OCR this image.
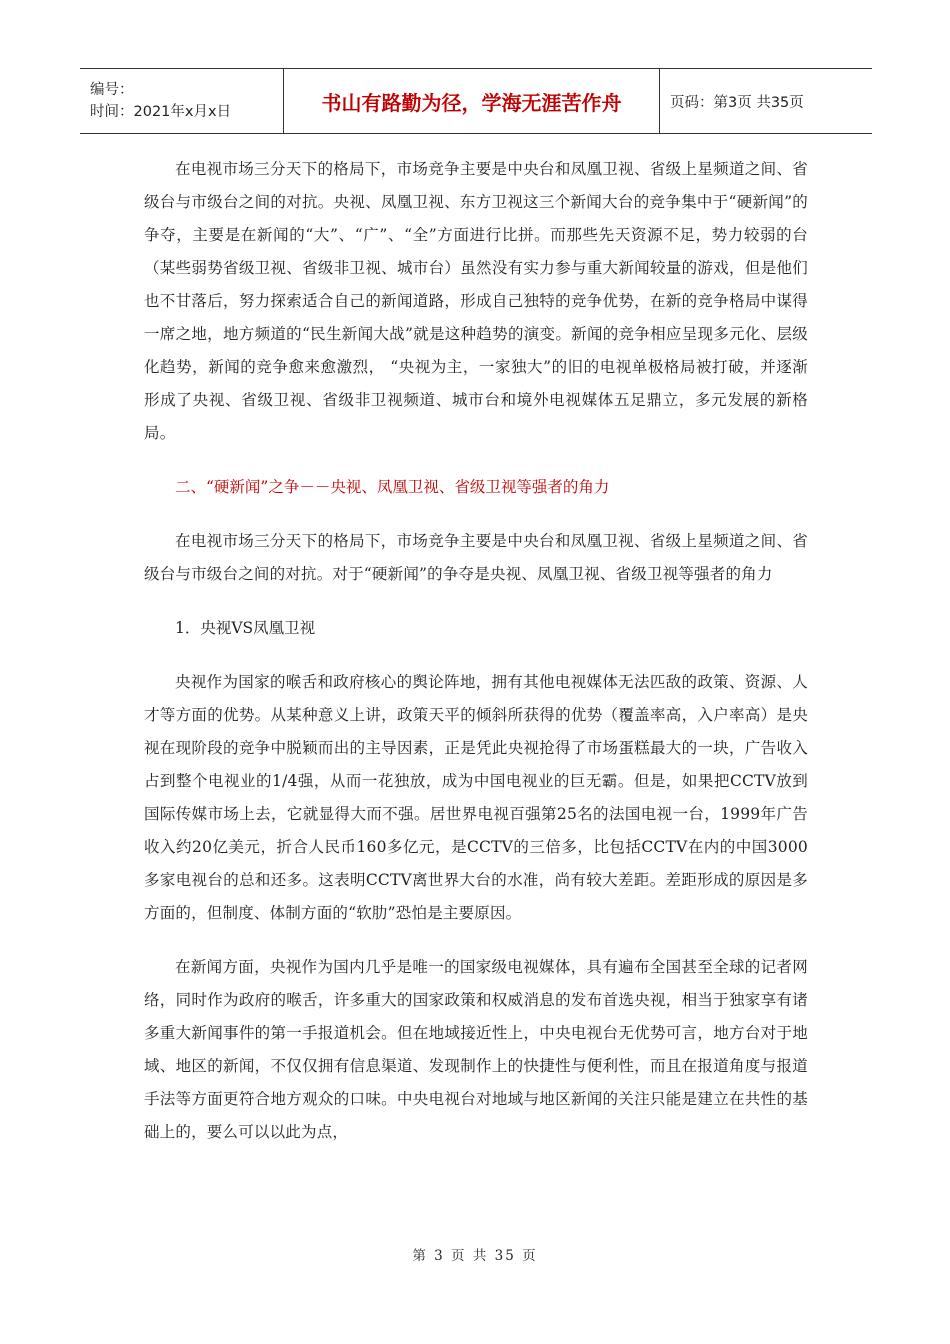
编号：
时间：2021年x月x日	书山有路勤为径，学海无涯苦作舟	页码：第3页 共35页

在电视市场三分天下的格局下，市场竞争主要是中央台和凤凰卫视、省级上星频道之间、省级台与市级台之间的对抗。央视、凤凰卫视、东方卫视这三个新闻大台的竞争集中于“硬新闻”的争夺，主要是在新闻的“大”、“广”、“全”方面进行比拼。而那些先天资源不足，势力较弱的台（某些弱势省级卫视、省级非卫视、城市台）虽然没有实力参与重大新闻较量的游戏，但是他们也不甘落后，努力探索适合自己的新闻道路，形成自己独特的竞争优势，在新的竞争格局中谋得一席之地，地方频道的“民生新闻大战”就是这种趋势的演变。新闻的竞争相应呈现多元化、层级化趋势，新闻的竞争愈来愈激烈， “央视为主，一家独大”的旧的电视单极格局被打破，并逐渐形成了央视、省级卫视、省级非卫视频道、城市台和境外电视媒体五足鼎立，多元发展的新格局。

二、“硬新闻”之争－－央视、凤凰卫视、省级卫视等强者的角力

在电视市场三分天下的格局下，市场竞争主要是中央台和凤凰卫视、省级上星频道之间、省级台与市级台之间的对抗。对于“硬新闻”的争夺是央视、凤凰卫视、省级卫视等强者的角力

1．央视VS凤凰卫视

央视作为国家的喉舌和政府核心的舆论阵地，拥有其他电视媒体无法匹敌的政策、资源、人才等方面的优势。从某种意义上讲，政策天平的倾斜所获得的优势（覆盖率高，入户率高）是央视在现阶段的竞争中脱颖而出的主导因素，正是凭此央视抢得了市场蛋糕最大的一块，广告收入占到整个电视业的1/4强，从而一花独放，成为中国电视业的巨无霸。但是，如果把CCTV放到国际传媒市场上去，它就显得大而不强。居世界电视百强第25名的法国电视一台，1999年广告收入约20亿美元，折合人民币160多亿元，是CCTV的三倍多，比包括CCTV在内的中国3000多家电视台的总和还多。这表明CCTV离世界大台的水准，尚有较大差距。差距形成的原因是多方面的，但制度、体制方面的“软肋”恐怕是主要原因。

在新闻方面，央视作为国内几乎是唯一的国家级电视媒体，具有遍布全国甚至全球的记者网络，同时作为政府的喉舌，许多重大的国家政策和权威消息的发布首选央视，相当于独家享有诸多重大新闻事件的第一手报道机会。但在地域接近性上，中央电视台无优势可言，地方台对于地域、地区的新闻，不仅仅拥有信息渠道、发现制作上的快捷性与便利性，而且在报道角度与报道手法等方面更符合地方观众的口味。中央电视台对地域与地区新闻的关注只能是建立在共性的基础上的，要么可以以此为点，

第 3 页 共 35 页
